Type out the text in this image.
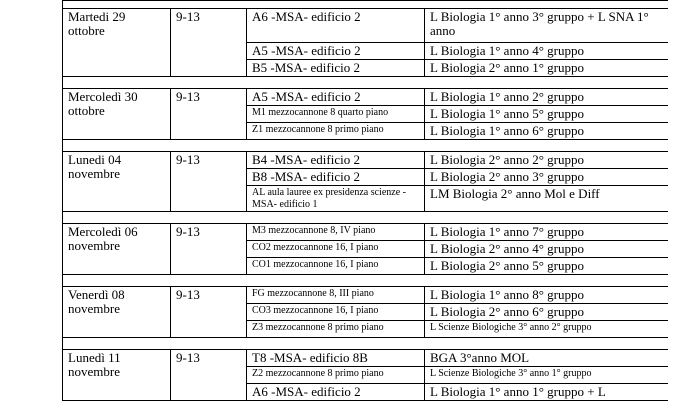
Martedi 29 ottobre	9-13	A6 -MSA- edificio 2	L Biologia 1° anno 3° gruppo + L SNA 1° anno
		A5 -MSA- edificio 2	L Biologia 1° anno 4° gruppo
		B5 -MSA- edificio 2	L Biologia 2° anno 1° gruppo

Mercoledì 30 ottobre	9-13	A5 -MSA- edificio 2	L Biologia 1° anno 2° gruppo
		M1 mezzocannone 8 quarto piano	L Biologia 1° anno 5° gruppo
		Z1 mezzocannone 8 primo piano	L Biologia 1° anno 6° gruppo

Lunedi 04 novembre	9-13	B4 -MSA- edificio 2	L Biologia 2° anno 2° gruppo
		B8 -MSA- edificio 2	L Biologia 2° anno 3° gruppo
		AL aula lauree ex presidenza scienze - MSA- edificio 1	LM Biologia 2° anno Mol e Diff

Mercoledì 06 novembre	9-13	M3 mezzocannone 8, IV piano	L Biologia 1° anno 7° gruppo
		CO2 mezzocannone 16, I piano	L Biologia 2° anno 4° gruppo
		CO1 mezzocannone 16, I piano	L Biologia 2° anno 5° gruppo

Venerdì 08 novembre	9-13	FG mezzocannone 8, III piano	L Biologia 1° anno 8° gruppo
		CO3 mezzocannone 16, I piano	L Biologia 2° anno 6° gruppo
		Z3 mezzocannone 8 primo piano	L Scienze Biologiche 3° anno 2° gruppo

Lunedì 11 novembre	9-13	T8 -MSA- edificio 8B	BGA 3°anno MOL
		Z2 mezzocannone 8 primo piano	L Scienze Biologiche 3° anno 1° gruppo
		A6 -MSA- edificio 2	L Biologia 1° anno 1° gruppo + L
